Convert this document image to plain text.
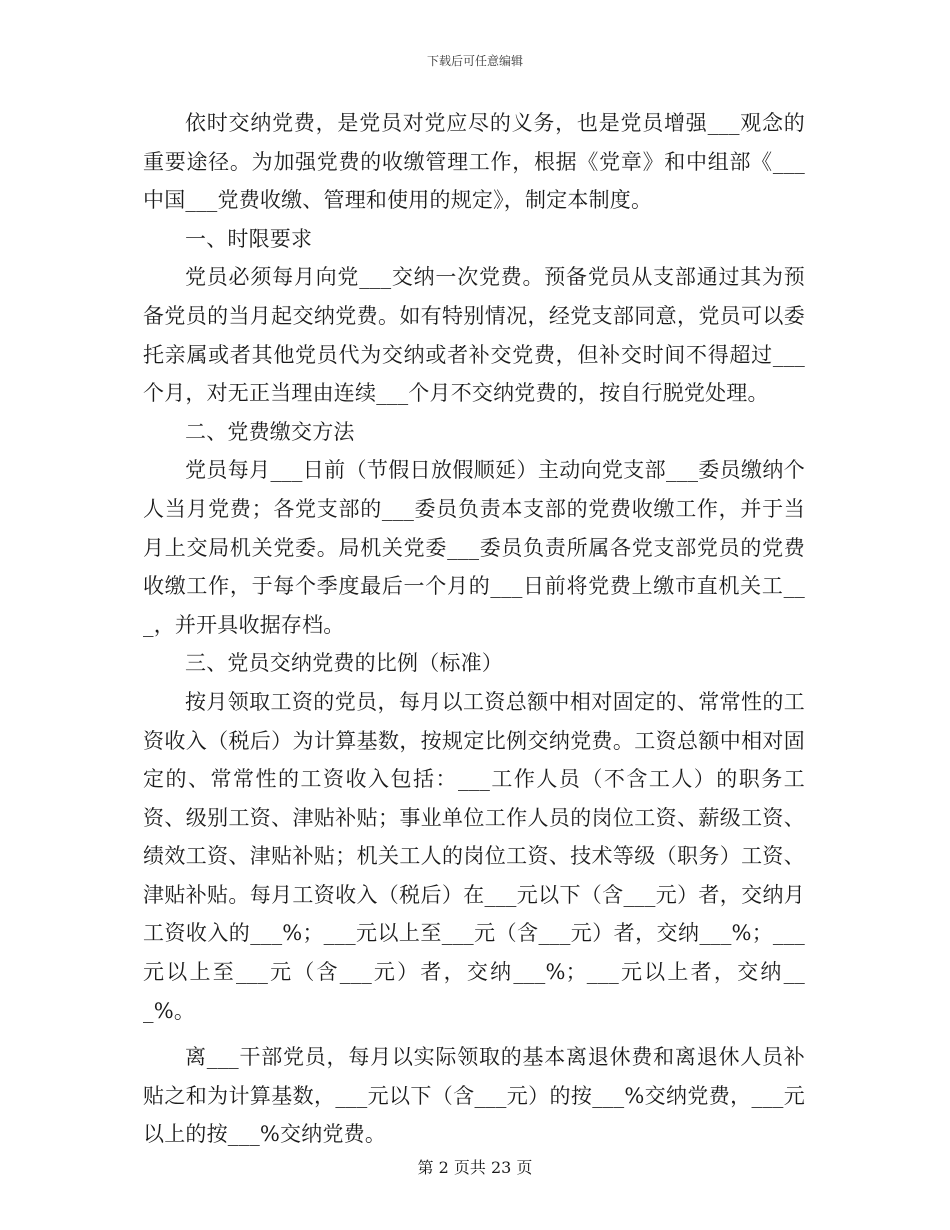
下载后可任意编辑

依时交纳党费，是党员对党应尽的义务，也是党员增强___观念的重要途径。为加强党费的收缴管理工作，根据《党章》和中组部《___中国___党费收缴、管理和使用的规定》，制定本制度。

一、时限要求

党员必须每月向党___交纳一次党费。预备党员从支部通过其为预备党员的当月起交纳党费。如有特别情况，经党支部同意，党员可以委托亲属或者其他党员代为交纳或者补交党费，但补交时间不得超过___个月，对无正当理由连续___个月不交纳党费的，按自行脱党处理。

二、党费缴交方法

党员每月___日前（节假日放假顺延）主动向党支部___委员缴纳个人当月党费；各党支部的___委员负责本支部的党费收缴工作，并于当月上交局机关党委。局机关党委___委员负责所属各党支部党员的党费收缴工作，于每个季度最后一个月的___日前将党费上缴市直机关工___，并开具收据存档。

三、党员交纳党费的比例（标准）

按月领取工资的党员，每月以工资总额中相对固定的、常常性的工资收入（税后）为计算基数，按规定比例交纳党费。工资总额中相对固定的、常常性的工资收入包括：___工作人员（不含工人）的职务工资、级别工资、津贴补贴；事业单位工作人员的岗位工资、薪级工资、绩效工资、津贴补贴；机关工人的岗位工资、技术等级（职务）工资、津贴补贴。每月工资收入（税后）在___元以下（含___元）者，交纳月工资收入的___%；___元以上至___元（含___元）者，交纳___%；___元以上至___元（含___元）者，交纳___%；___元以上者，交纳___%。

离___干部党员，每月以实际领取的基本离退休费和离退休人员补贴之和为计算基数，___元以下（含___元）的按___%交纳党费，___元以上的按___%交纳党费。

第 2 页共 23 页
